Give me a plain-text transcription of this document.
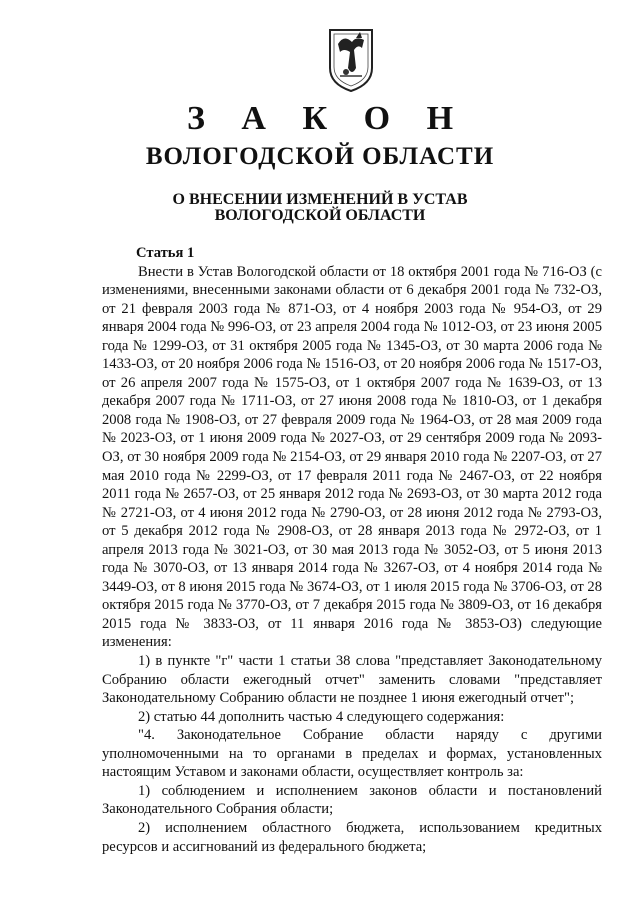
З А К О Н
ВОЛОГОДСКОЙ ОБЛАСТИ
О ВНЕСЕНИИ ИЗМЕНЕНИЙ В УСТАВ
ВОЛОГОДСКОЙ ОБЛАСТИ

Статья 1

Внести в Устав Вологодской области от 18 октября 2001 года № 716-ОЗ (с изменениями, внесенными законами области от 6 декабря 2001 года № 732-ОЗ, от 21 февраля 2003 года № 871-ОЗ, от 4 ноября 2003 года № 954-ОЗ, от 29 января 2004 года № 996-ОЗ, от 23 апреля 2004 года № 1012-ОЗ, от 23 июня 2005 года № 1299-ОЗ, от 31 октября 2005 года № 1345-ОЗ, от 30 марта 2006 года № 1433-ОЗ, от 20 ноября 2006 года № 1516-ОЗ, от 20 ноября 2006 года № 1517-ОЗ, от 26 апреля 2007 года № 1575-ОЗ, от 1 октября 2007 года № 1639-ОЗ, от 13 декабря 2007 года № 1711-ОЗ, от 27 июня 2008 года № 1810-ОЗ, от 1 декабря 2008 года № 1908-ОЗ, от 27 февраля 2009 года № 1964-ОЗ, от 28 мая 2009 года № 2023-ОЗ, от 1 июня 2009 года № 2027-ОЗ, от 29 сентября 2009 года № 2093-ОЗ, от 30 ноября 2009 года № 2154-ОЗ, от 29 января 2010 года № 2207-ОЗ, от 27 мая 2010 года № 2299-ОЗ, от 17 февраля 2011 года № 2467-ОЗ, от 22 ноября 2011 года № 2657-ОЗ, от 25 января 2012 года № 2693-ОЗ, от 30 марта 2012 года № 2721-ОЗ, от 4 июня 2012 года № 2790-ОЗ, от 28 июня 2012 года № 2793-ОЗ, от 5 декабря 2012 года № 2908-ОЗ, от 28 января 2013 года № 2972-ОЗ, от 1 апреля 2013 года № 3021-ОЗ, от 30 мая 2013 года № 3052-ОЗ, от 5 июня 2013 года № 3070-ОЗ, от 13 января 2014 года № 3267-ОЗ, от 4 ноября 2014 года № 3449-ОЗ, от 8 июня 2015 года № 3674-ОЗ, от 1 июля 2015 года № 3706-ОЗ, от 28 октября 2015 года № 3770-ОЗ, от 7 декабря 2015 года № 3809-ОЗ, от 16 декабря 2015 года № 3833-ОЗ, от 11 января 2016 года № 3853-ОЗ) следующие изменения:

1) в пункте "г" части 1 статьи 38 слова "представляет Законодательному Собранию области ежегодный отчет" заменить словами "представляет Законодательному Собранию области не позднее 1 июня ежегодный отчет";

2) статью 44 дополнить частью 4 следующего содержания:

"4. Законодательное Собрание области наряду с другими уполномоченными на то органами в пределах и формах, установленных настоящим Уставом и законами области, осуществляет контроль за:

1) соблюдением и исполнением законов области и постановлений Законодательного Собрания области;

2) исполнением областного бюджета, использованием кредитных ресурсов и ассигнований из федерального бюджета;
